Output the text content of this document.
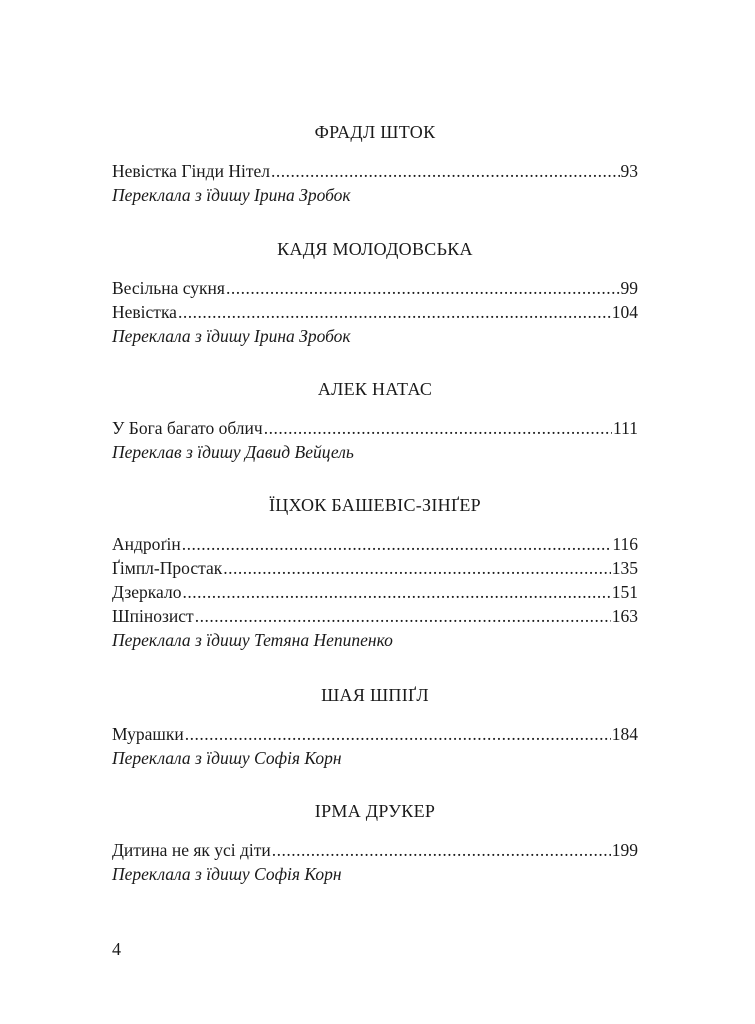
ФРАДЛ ШТОК
Невістка Гінди Нітел .....	93
Переклала з їдишу Ірина Зробок
КАДЯ МОЛОДОВСЬКА
Весільна сукня .....	99
Невістка .....	104
Переклала з їдишу Ірина Зробок
АЛЕК НАТАС
У Бога багато облич .....	111
Переклав з їдишу Давид Вейцель
ЇЦХОК БАШЕВІС-ЗІНҐЕР
Андроґін .....	116
Ґімпл-Простак .....	135
Дзеркало .....	151
Шпінозист .....	163
Переклала з їдишу Тетяна Непипенко
ШАЯ ШПІҐЛ
Мурашки .....	184
Переклала з їдишу Софія Корн
ІРМА ДРУКЕР
Дитина не як усі діти .....	199
Переклала з їдишу Софія Корн
4
